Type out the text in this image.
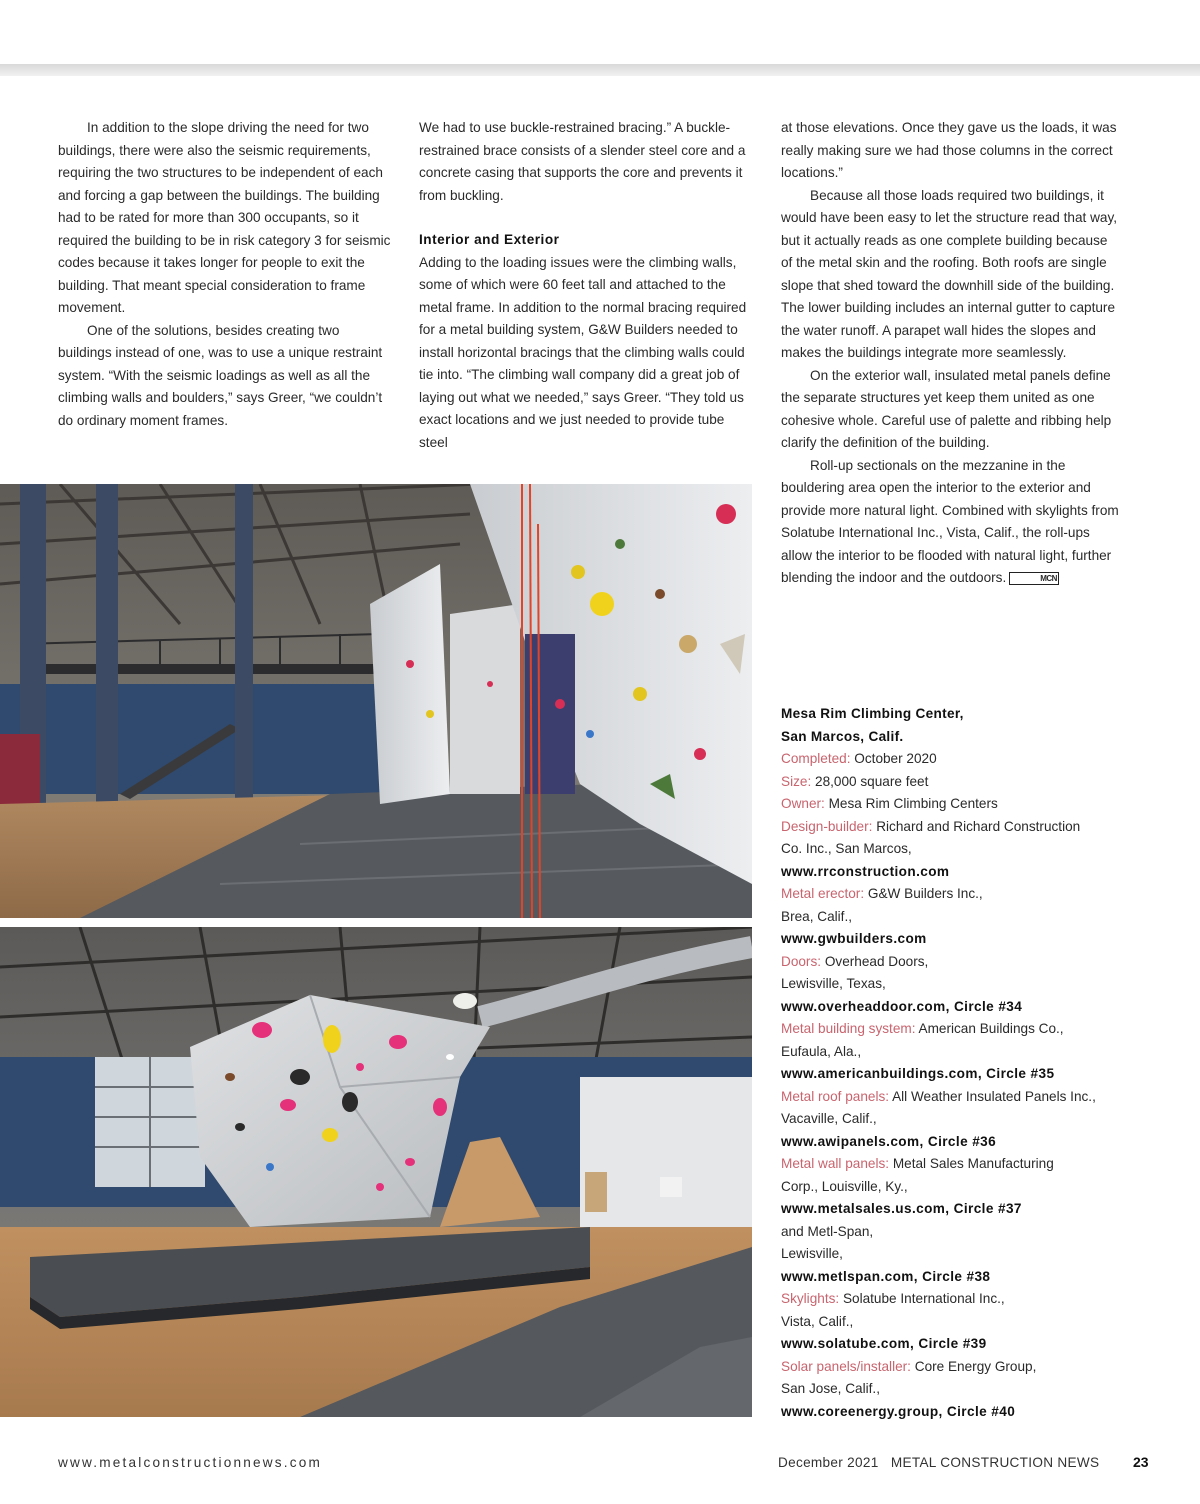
In addition to the slope driving the need for two buildings, there were also the seismic requirements, requiring the two structures to be independent of each and forcing a gap between the buildings. The building had to be rated for more than 300 occupants, so it required the building to be in risk category 3 for seismic codes because it takes longer for people to exit the building. That meant special consideration to frame movement.

One of the solutions, besides creating two buildings instead of one, was to use a unique restraint system. “With the seismic loadings as well as all the climbing walls and boulders,” says Greer, “we couldn’t do ordinary moment frames.

We had to use buckle-restrained bracing.” A buckle-restrained brace consists of a slender steel core and a concrete casing that supports the core and prevents it from buckling.

Interior and Exterior

Adding to the loading issues were the climbing walls, some of which were 60 feet tall and attached to the metal frame. In addition to the normal bracing required for a metal building system, G&W Builders needed to install horizontal bracings that the climbing walls could tie into. “The climbing wall company did a great job of laying out what we needed,” says Greer. “They told us exact locations and we just needed to provide tube steel

at those elevations. Once they gave us the loads, it was really making sure we had those columns in the correct locations.”

Because all those loads required two buildings, it would have been easy to let the structure read that way, but it actually reads as one complete building because of the metal skin and the roofing. Both roofs are single slope that shed toward the downhill side of the building. The lower building includes an internal gutter to capture the water runoff. A parapet wall hides the slopes and makes the buildings integrate more seamlessly.

On the exterior wall, insulated metal panels define the separate structures yet keep them united as one cohesive whole. Careful use of palette and ribbing help clarify the definition of the building.

Roll-up sectionals on the mezzanine in the bouldering area open the interior to the exterior and provide more natural light. Combined with skylights from Solatube International Inc., Vista, Calif., the roll-ups allow the interior to be flooded with natural light, further blending the indoor and the outdoors.	MCN

Mesa Rim Climbing Center,
San Marcos, Calif.
Completed: October 2020
Size: 28,000 square feet
Owner: Mesa Rim Climbing Centers
Design-builder: Richard and Richard Construction
Co. Inc., San Marcos,
www.rrconstruction.com
Metal erector: G&W Builders Inc.,
Brea, Calif.,
www.gwbuilders.com
Doors: Overhead Doors,
Lewisville, Texas,
www.overheaddoor.com, Circle #34
Metal building system: American Buildings Co.,
Eufaula, Ala.,
www.americanbuildings.com, Circle #35
Metal roof panels: All Weather Insulated Panels Inc.,
Vacaville, Calif.,
www.awipanels.com, Circle #36
Metal wall panels: Metal Sales Manufacturing
Corp., Louisville, Ky.,
www.metalsales.us.com, Circle #37
and Metl-Span,
Lewisville,
www.metlspan.com, Circle #38
Skylights: Solatube International Inc.,
Vista, Calif.,
www.solatube.com, Circle #39
Solar panels/installer: Core Energy Group,
San Jose, Calif.,
www.coreenergy.group, Circle #40
www.metalconstructionnews.com	December 2021 METAL CONSTRUCTION NEWS 23
